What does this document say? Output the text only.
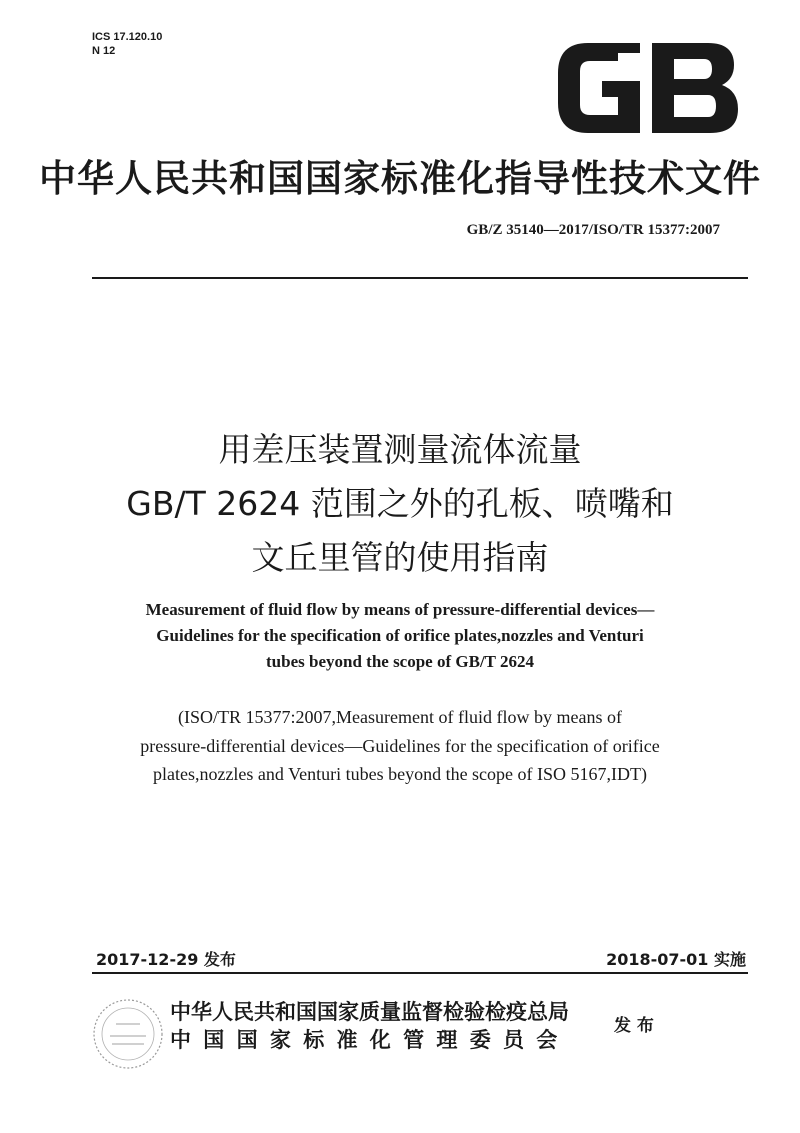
ICS 17.120.10
N 12
中华人民共和国国家标准化指导性技术文件
GB/Z 35140—2017/ISO/TR 15377:2007
用差压装置测量流体流量
GB/T 2624 范围之外的孔板、喷嘴和
文丘里管的使用指南
Measurement of fluid flow by means of pressure-differential devices—
Guidelines for the specification of orifice plates,nozzles and Venturi
tubes beyond the scope of GB/T 2624
(ISO/TR 15377:2007,Measurement of fluid flow by means of
pressure-differential devices—Guidelines for the specification of orifice
plates,nozzles and Venturi tubes beyond the scope of ISO 5167,IDT)
2017-12-29 发布	2018-07-01 实施
中华人民共和国国家质量监督检验检疫总局
中国国家标准化管理委员会
发 布
